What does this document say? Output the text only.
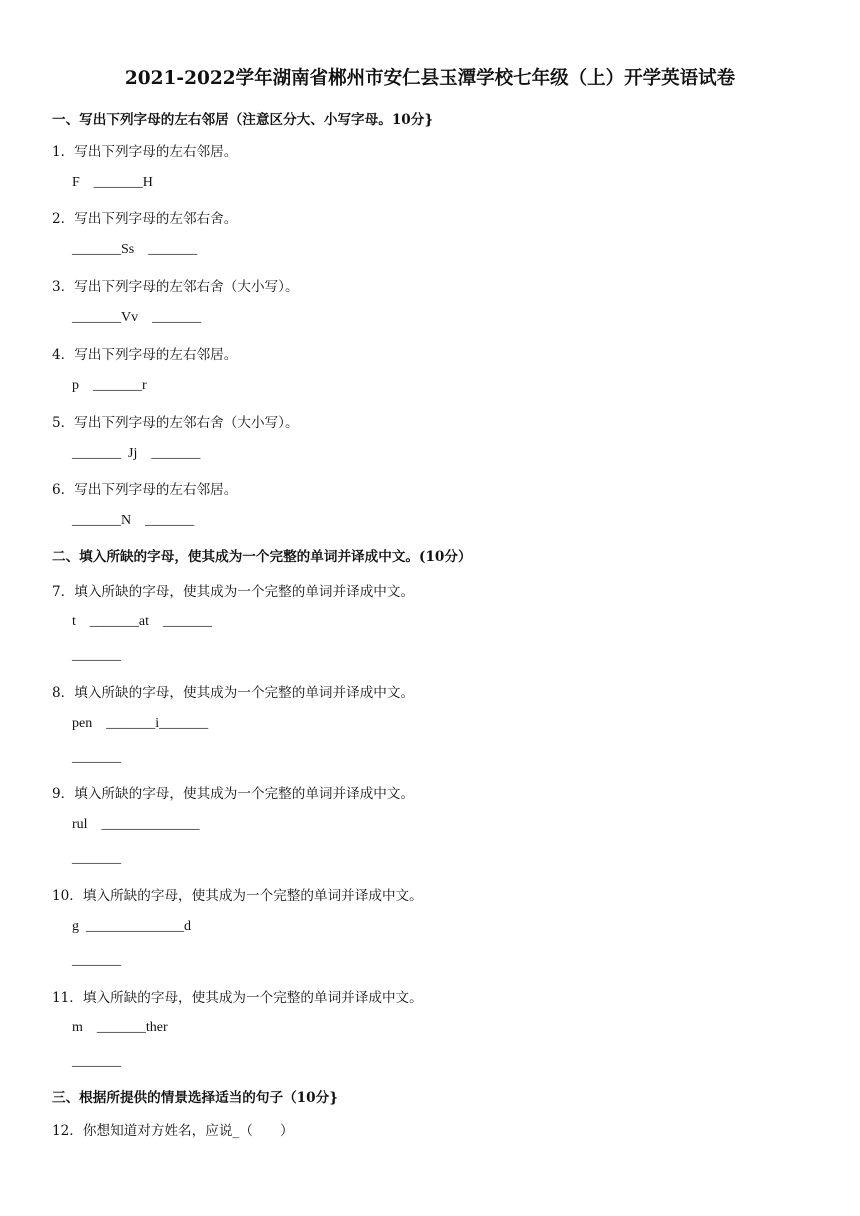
2021-2022学年湖南省郴州市安仁县玉潭学校七年级（上）开学英语试卷
一、写出下列字母的左右邻居（注意区分大、小写字母。10分}
1．写出下列字母的左右邻居。
F    _______H
2．写出下列字母的左邻右舍。
_______Ss    _______
3．写出下列字母的左邻右舍（大小写）。
_______Vv    _______
4．写出下列字母的左右邻居。
p    _______r
5．写出下列字母的左邻右舍（大小写）。
_______  Jj    _______
6．写出下列字母的左右邻居。
_______N    _______
二、填入所缺的字母，使其成为一个完整的单词并译成中文。(10分）
7．填入所缺的字母，使其成为一个完整的单词并译成中文。
t    _______at    _______
_______
8．填入所缺的字母，使其成为一个完整的单词并译成中文。
pen    _______i_______
_______
9．填入所缺的字母，使其成为一个完整的单词并译成中文。
rul    ______________
_______
10．填入所缺的字母，使其成为一个完整的单词并译成中文。
g  ______________d
_______
11．填入所缺的字母，使其成为一个完整的单词并译成中文。
m    _______ther
_______
三、根据所提供的情景选择适当的句子（10分}
12．你想知道对方姓名，应说_（　　）
